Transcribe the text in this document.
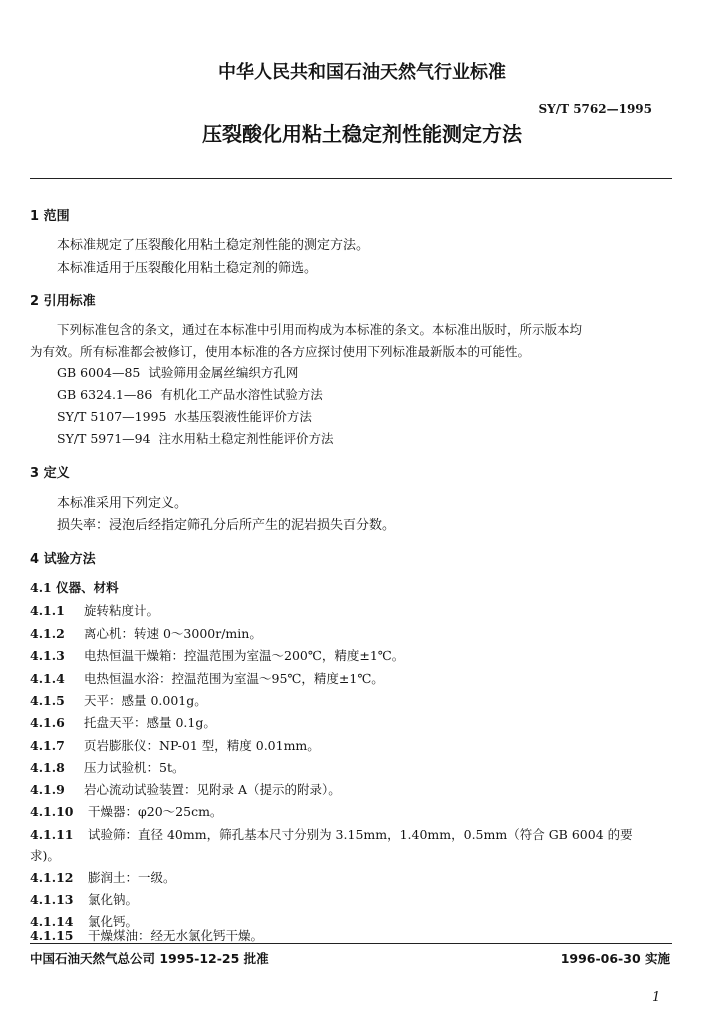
中华人民共和国石油天然气行业标准
SY/T 5762—1995
压裂酸化用粘土稳定剂性能测定方法
1 范围
本标准规定了压裂酸化用粘土稳定剂性能的测定方法。
本标准适用于压裂酸化用粘土稳定剂的筛选。
2 引用标准
下列标准包含的条文，通过在本标准中引用而构成为本标准的条文。本标准出版时，所示版本均
为有效。所有标准都会被修订，使用本标准的各方应探讨使用下列标准最新版本的可能性。
GB 6004—85 试验筛用金属丝编织方孔网
GB 6324.1—86 有机化工产品水溶性试验方法
SY/T 5107—1995 水基压裂液性能评价方法
SY/T 5971—94 注水用粘土稳定剂性能评价方法
3 定义
本标准采用下列定义。
损失率：浸泡后经指定筛孔分后所产生的泥岩损失百分数。
4 试验方法
4.1 仪器、材料
4.1.1 旋转粘度计。
4.1.2 离心机：转速 0～3000r/min。
4.1.3 电热恒温干燥箱：控温范围为室温～200℃，精度±1℃。
4.1.4 电热恒温水浴：控温范围为室温～95℃，精度±1℃。
4.1.5 天平：感量 0.001g。
4.1.6 托盘天平：感量 0.1g。
4.1.7 页岩膨胀仪：NP-01 型，精度 0.01mm。
4.1.8 压力试验机：5t。
4.1.9 岩心流动试验装置：见附录 A（提示的附录）。
4.1.10 干燥器：φ20～25cm。
4.1.11 试验筛：直径 40mm，筛孔基本尺寸分别为 3.15mm，1.40mm，0.5mm（符合 GB 6004 的要
求)。
4.1.12 膨润土：一级。
4.1.13 氯化钠。
4.1.14 氯化钙。
4.1.15 干燥煤油：经无水氯化钙干燥。
中国石油天然气总公司 1995-12-25 批准	1996-06-30 实施
1
